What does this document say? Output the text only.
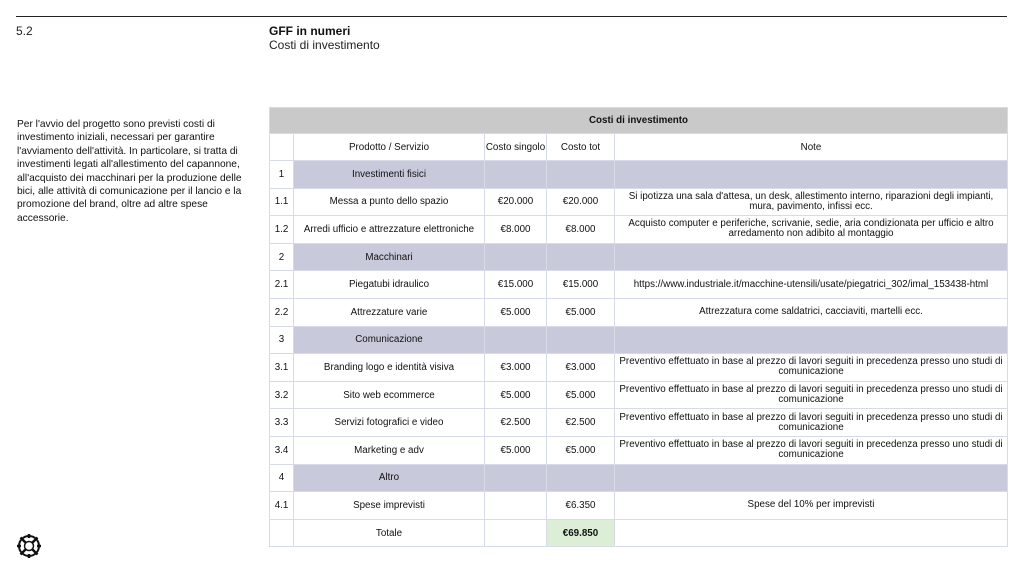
5.2	GFF in numeri
Costi di investimento
Per l'avvio del progetto sono previsti costi di investimento iniziali, necessari per garantire l'avviamento dell'attività. In particolare, si tratta di investimenti legati all'allestimento del capannone, all'acquisto dei macchinari per la produzione delle bici, alle attività di comunicazione per il lancio e la promozione del brand, oltre ad altre spese accessorie.
Costi di investimento				
	Prodotto / Servizio	Costo singolo	Costo tot	Note
1	Investimenti fisici			
1.1	Messa a punto dello spazio	€20.000	€20.000	Si ipotizza una sala d'attesa, un desk, allestimento interno, riparazioni degli impianti, mura, pavimento, infissi ecc.
1.2	Arredi ufficio e attrezzature elettroniche	€8.000	€8.000	Acquisto computer e periferiche, scrivanie, sedie, aria condizionata per ufficio e altro arredamento non adibito al montaggio
2	Macchinari			
2.1	Piegatubi idraulico	€15.000	€15.000	https://www.industriale.it/macchine-utensili/usate/piegatrici_302/imal_153438-html
2.2	Attrezzature varie	€5.000	€5.000	Attrezzatura come saldatrici, cacciaviti, martelli ecc.
3	Comunicazione			
3.1	Branding logo e identità visiva	€3.000	€3.000	Preventivo effettuato in base al prezzo di lavori seguiti in precedenza presso uno studi di comunicazione
3.2	Sito web ecommerce	€5.000	€5.000	Preventivo effettuato in base al prezzo di lavori seguiti in precedenza presso uno studi di comunicazione
3.3	Servizi fotografici e video	€2.500	€2.500	Preventivo effettuato in base al prezzo di lavori seguiti in precedenza presso uno studi di comunicazione
3.4	Marketing e adv	€5.000	€5.000	Preventivo effettuato in base al prezzo di lavori seguiti in precedenza presso uno studi di comunicazione
4	Altro			
4.1	Spese imprevisti		€6.350	Spese del 10% per imprevisti
	Totale		€69.850	
